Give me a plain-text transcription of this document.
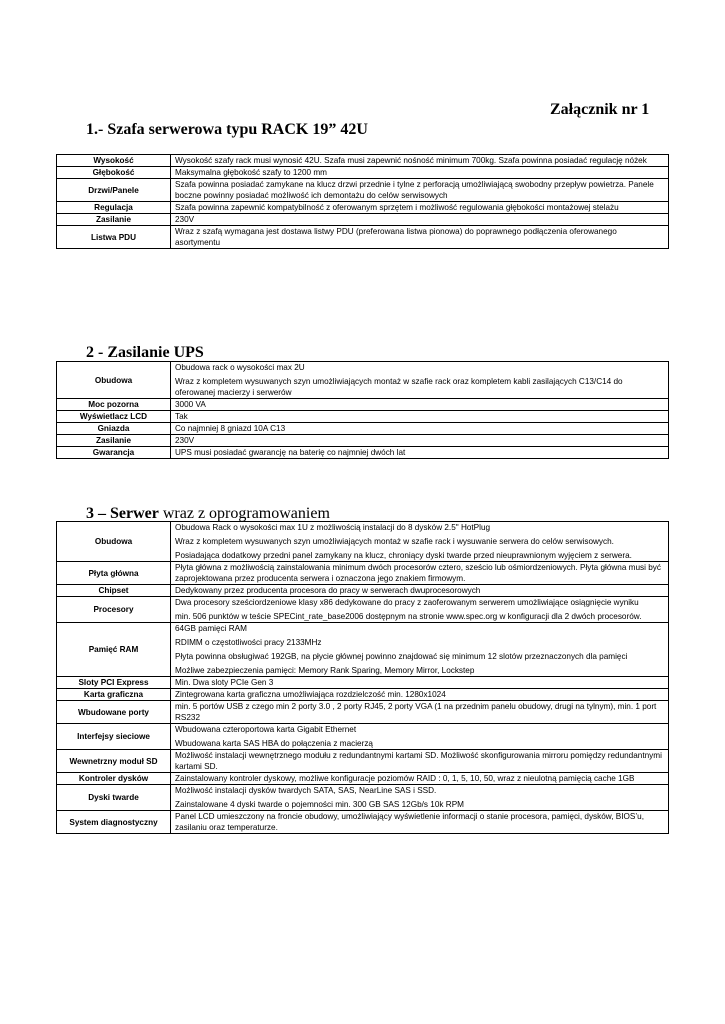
Załącznik nr 1
1.- Szafa serwerowa typu RACK 19” 42U
Wysokość	Wysokość szafy rack musi wynosić 42U. Szafa musi zapewnić nośność minimum 700kg. Szafa powinna posiadać regulację nóżek

Głębokość	Maksymalna głębokość szafy to 1200 mm

Drzwi/Panele	Szafa powinna posiadać zamykane na klucz drzwi przednie i tylne z perforacją umożliwiającą swobodny przepływ powietrza. Panele boczne powinny posiadać możliwość ich demontażu do celów serwisowych

Regulacja	Szafa powinna zapewnić kompatybilność z oferowanym sprzętem i możliwość regulowania głębokości montażowej stelażu

Zasilanie	230V

Listwa PDU	Wraz z szafą wymagana jest dostawa listwy PDU (preferowana listwa pionowa) do poprawnego podłączenia oferowanego asortymentu

2 - Zasilanie UPS
Obudowa	Obudowa rack o wysokości max 2U

Wraz z kompletem wysuwanych szyn umożliwiających montaż w szafie rack oraz kompletem kabli zasilających C13/C14 do oferowanej macierzy i serwerów

Moc pozorna	3000 VA

Wyświetlacz LCD	Tak

Gniazda	Co najmniej 8 gniazd 10A C13

Zasilanie	230V

Gwarancja	UPS musi posiadać gwarancję na baterię co najmniej dwóch lat

3 – Serwer wraz z oprogramowaniem
Obudowa	Obudowa Rack o wysokości max 1U z możliwością instalacji do 8 dysków 2.5" HotPlug

Wraz z kompletem wysuwanych szyn umożliwiających montaż w szafie rack i wysuwanie serwera do celów serwisowych.

Posiadająca dodatkowy przedni panel zamykany na klucz, chroniący dyski twarde przed nieuprawnionym wyjęciem z serwera.

Płyta główna	Płyta główna z możliwością zainstalowania minimum dwóch procesorów cztero, sześcio lub ośmiordzeniowych. Płyta główna musi być zaprojektowana przez producenta serwera i oznaczona jego znakiem firmowym.

Chipset	Dedykowany przez producenta procesora do pracy w serwerach dwuprocesorowych

Procesory	Dwa procesory sześciordzeniowe klasy x86 dedykowane do pracy z zaoferowanym serwerem umożliwiające osiągnięcie wyniku

min. 506 punktów w teście SPECint_rate_base2006 dostępnym na stronie www.spec.org w konfiguracji dla 2 dwóch procesorów.

Pamięć RAM	64GB pamięci RAM

RDIMM o częstotliwości pracy 2133MHz

Płyta powinna obsługiwać 192GB, na płycie głównej powinno znajdować się minimum 12 slotów przeznaczonych dla pamięci

Możliwe zabezpieczenia pamięci: Memory Rank Sparing, Memory Mirror, Lockstep

Sloty PCI Express	Min. Dwa sloty PCIe Gen 3

Karta graficzna	Zintegrowana karta graficzna umożliwiająca rozdzielczość min. 1280x1024

Wbudowane porty	min. 5 portów USB z czego min 2 porty 3.0 , 2 porty RJ45, 2 porty VGA (1 na przednim panelu obudowy, drugi na tylnym), min. 1 port RS232

Interfejsy sieciowe	Wbudowana czteroportowa karta Gigabit Ethernet

Wbudowana karta SAS HBA do połączenia z macierzą

Wewnetrzny moduł SD	Możliwość instalacji wewnętrznego modułu z redundantnymi kartami SD. Możliwość skonfigurowania mirroru pomiędzy redundantnymi kartami SD.

Kontroler dysków	Zainstalowany kontroler dyskowy, możliwe konfiguracje poziomów RAID : 0, 1, 5, 10, 50, wraz z nieulotną pamięcią cache 1GB

Dyski twarde	Możliwość instalacji dysków twardych SATA, SAS, NearLine SAS i SSD.

Zainstalowane 4 dyski twarde o pojemności min. 300 GB SAS 12Gb/s 10k RPM

System diagnostyczny	Panel LCD umieszczony na froncie obudowy, umożliwiający wyświetlenie informacji o stanie procesora, pamięci, dysków, BIOS’u, zasilaniu oraz temperaturze.
